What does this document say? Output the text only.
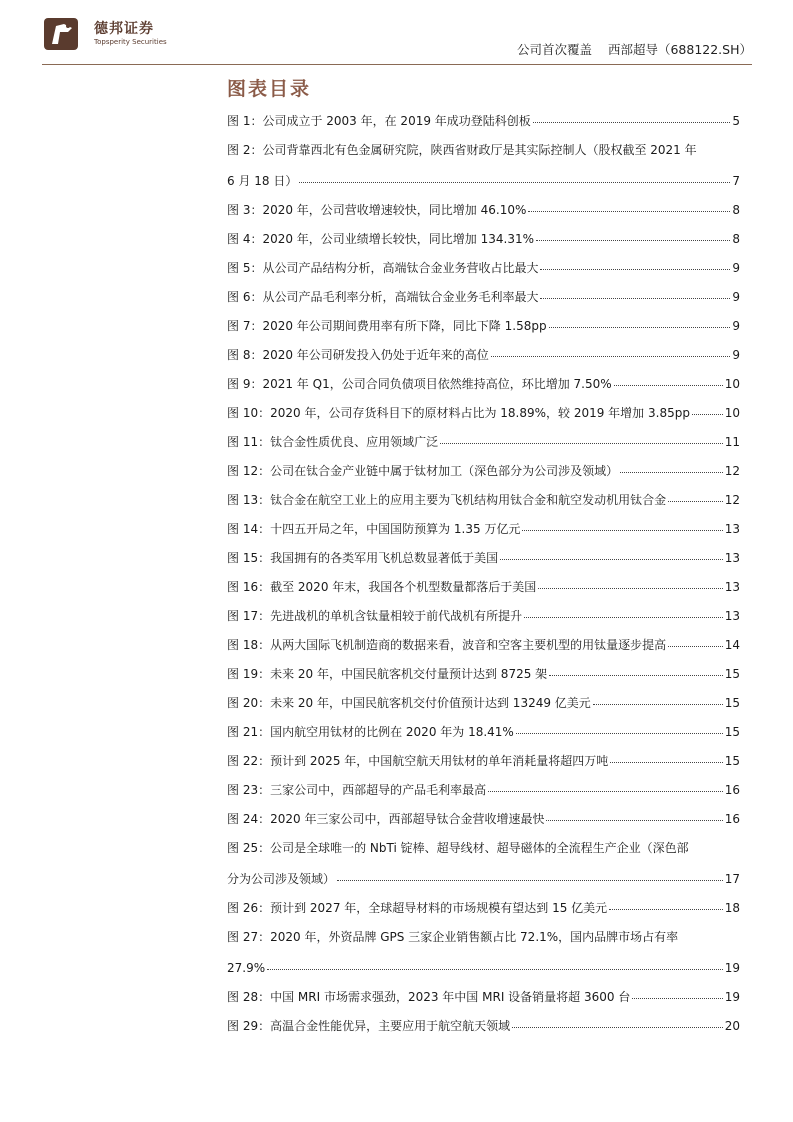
德邦证券
Topsperity Securities	公司首次覆盖 西部超导（688122.SH）
图表目录
图 1： 公司成立于 2003 年，在 2019 年成功登陆科创板	5
图 2：公司背靠西北有色金属研究院，陕西省财政厅是其实际控制人（股权截至 2021 年
6 月 18 日）	7
图 3： 2020 年，公司营收增速较快，同比增加 46.10%	8
图 4： 2020 年，公司业绩增长较快，同比增加 134.31%	8
图 5： 从公司产品结构分析，高端钛合金业务营收占比最大	9
图 6： 从公司产品毛利率分析，高端钛合金业务毛利率最大	9
图 7： 2020 年公司期间费用率有所下降，同比下降 1.58pp	9
图 8： 2020 年公司研发投入仍处于近年来的高位	9
图 9： 2021 年 Q1，公司合同负债项目依然维持高位，环比增加 7.50%	10
图 10： 2020 年，公司存货科目下的原材料占比为 18.89%，较 2019 年增加 3.85pp	10
图 11： 钛合金性质优良、应用领域广泛	11
图 12： 公司在钛合金产业链中属于钛材加工（深色部分为公司涉及领域）	12
图 13： 钛合金在航空工业上的应用主要为飞机结构用钛合金和航空发动机用钛合金	12
图 14： 十四五开局之年，中国国防预算为 1.35 万亿元	13
图 15： 我国拥有的各类军用飞机总数显著低于美国	13
图 16： 截至 2020 年末，我国各个机型数量都落后于美国	13
图 17： 先进战机的单机含钛量相较于前代战机有所提升	13
图 18： 从两大国际飞机制造商的数据来看，波音和空客主要机型的用钛量逐步提高	14
图 19： 未来 20 年，中国民航客机交付量预计达到 8725 架	15
图 20： 未来 20 年，中国民航客机交付价值预计达到 13249 亿美元	15
图 21： 国内航空用钛材的比例在 2020 年为 18.41%	15
图 22： 预计到 2025 年，中国航空航天用钛材的单年消耗量将超四万吨	15
图 23： 三家公司中，西部超导的产品毛利率最高	16
图 24： 2020 年三家公司中，西部超导钛合金营收增速最快	16
图 25：公司是全球唯一的 NbTi 锭棒、超导线材、超导磁体的全流程生产企业（深色部
分为公司涉及领域）	17
图 26： 预计到 2027 年，全球超导材料的市场规模有望达到 15 亿美元	18
图 27：2020 年，外资品牌 GPS 三家企业销售额占比 72.1%，国内品牌市场占有率
27.9%	19
图 28： 中国 MRI 市场需求强劲，2023 年中国 MRI 设备销量将超 3600 台	19
图 29： 高温合金性能优异，主要应用于航空航天领域	20
